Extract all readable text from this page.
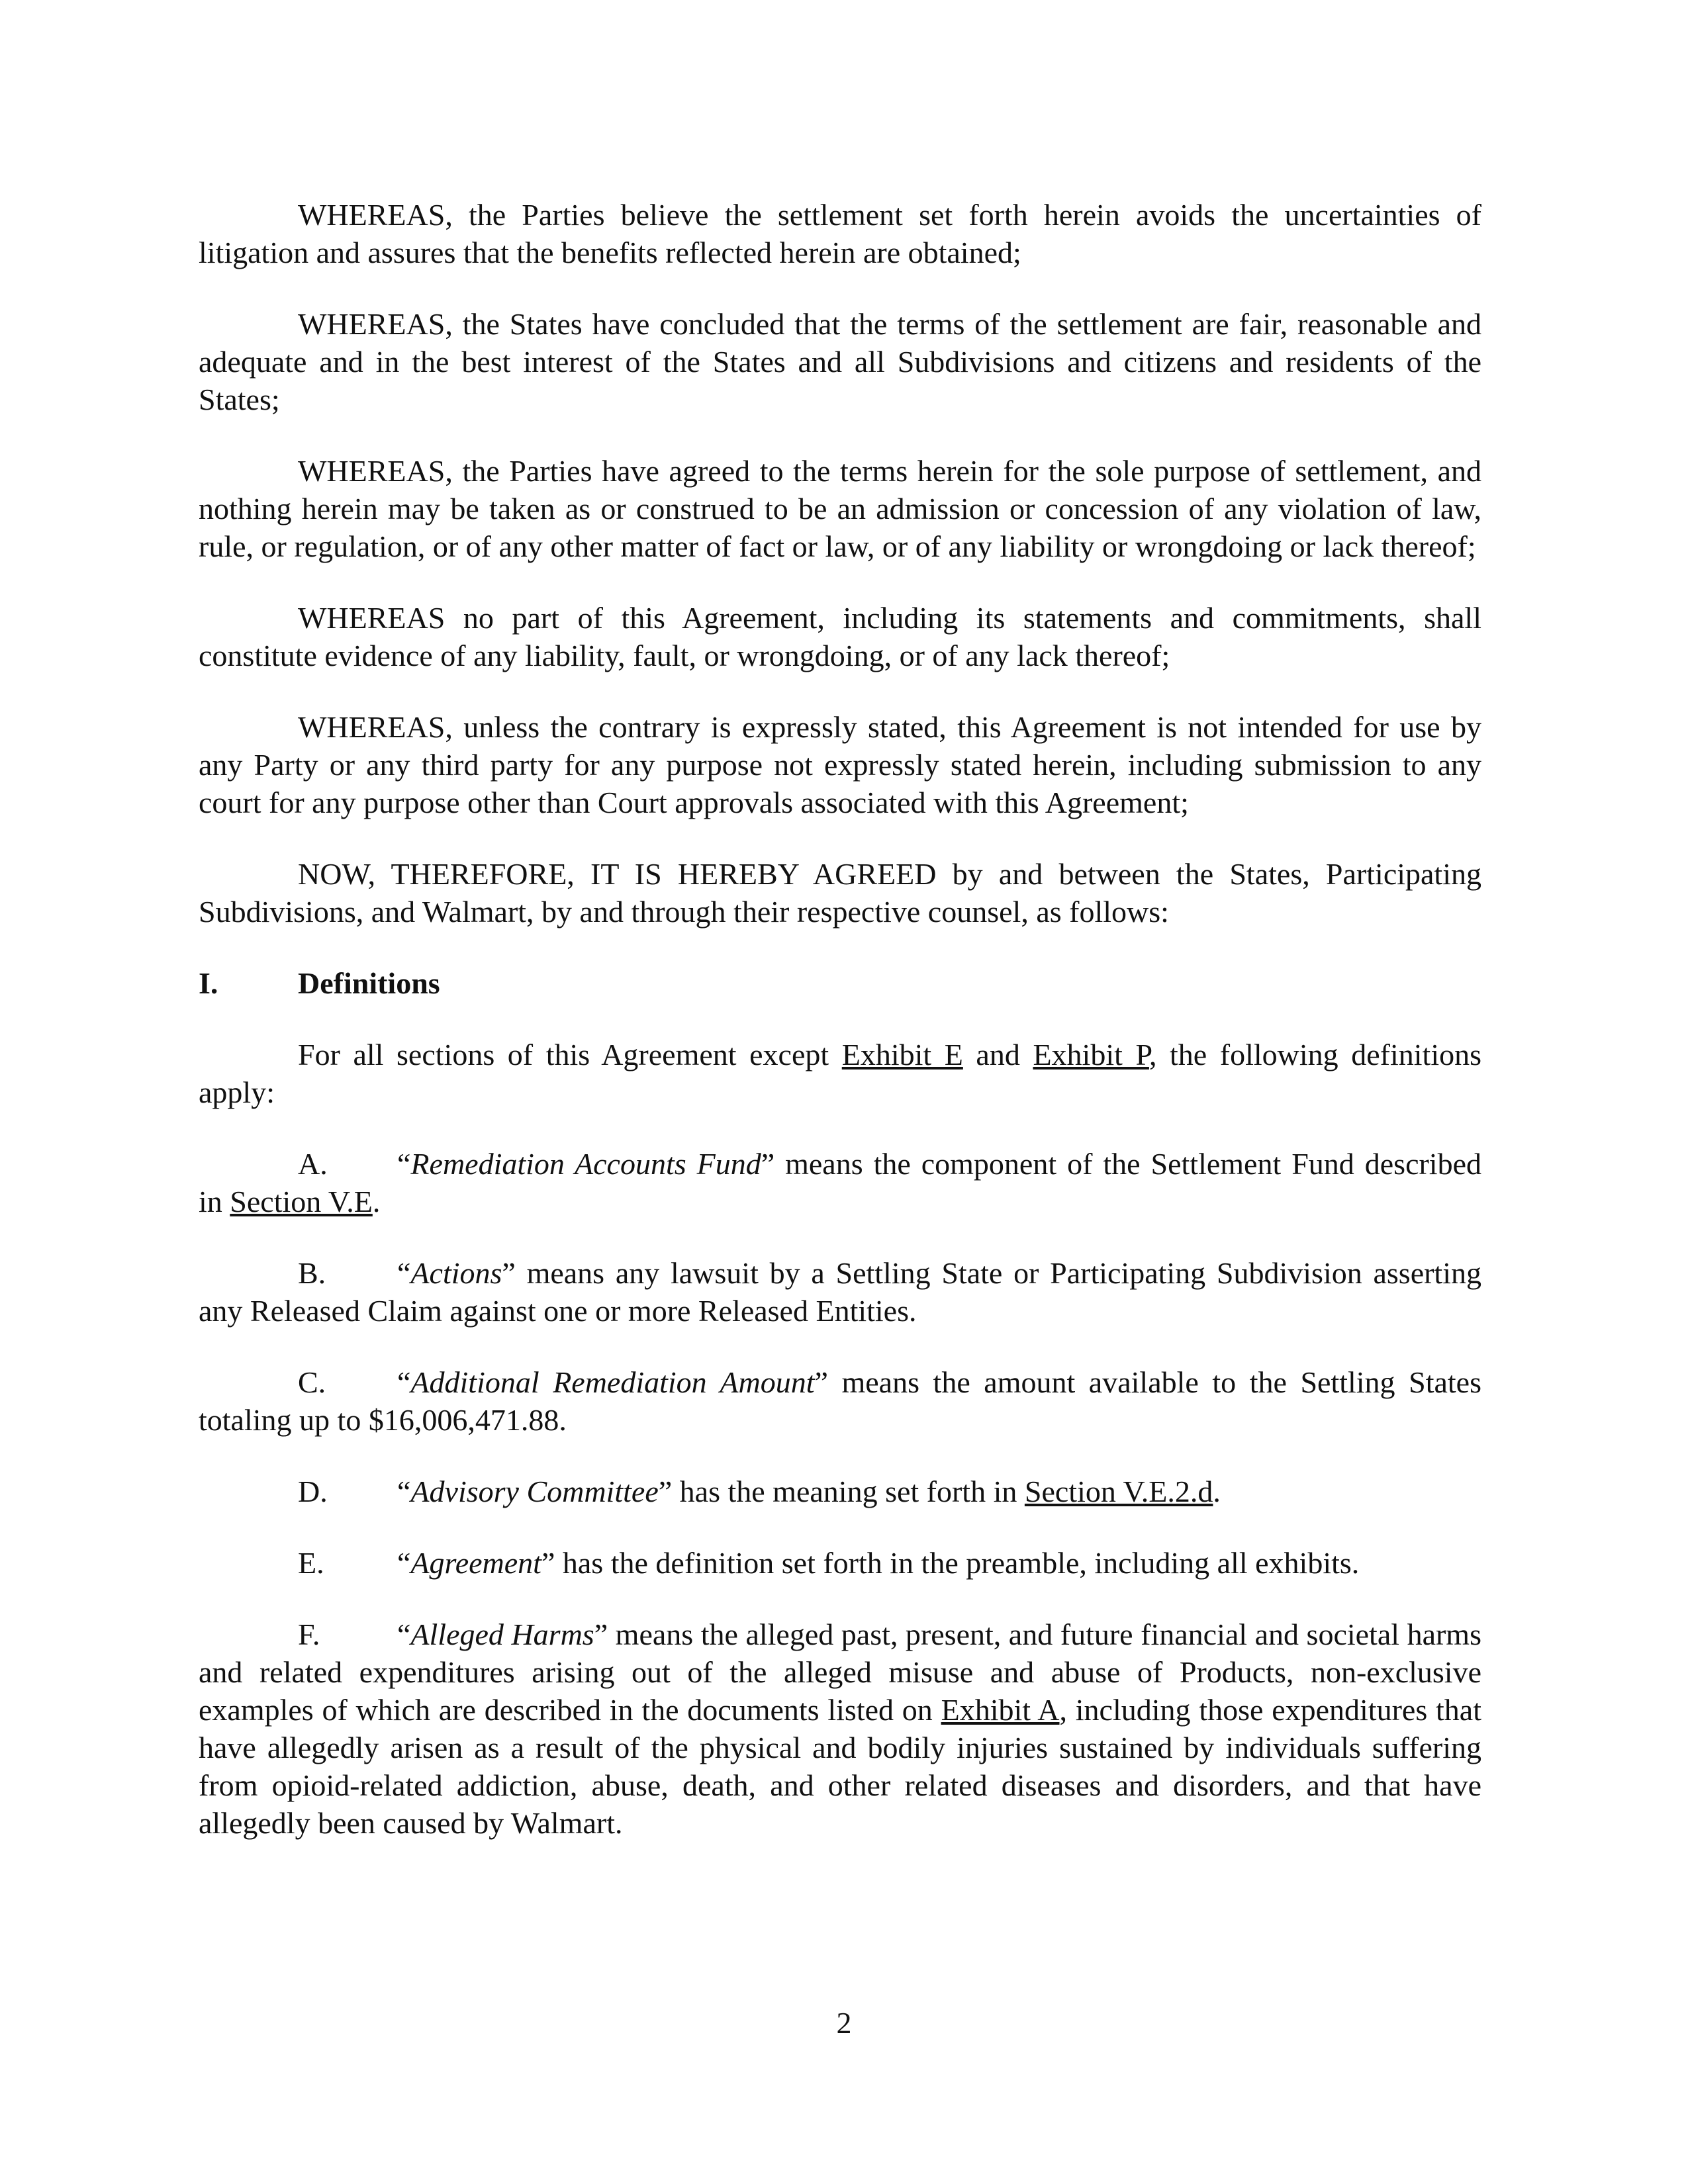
WHEREAS, the Parties believe the settlement set forth herein avoids the uncertainties of litigation and assures that the benefits reflected herein are obtained;

WHEREAS, the States have concluded that the terms of the settlement are fair, reasonable and adequate and in the best interest of the States and all Subdivisions and citizens and residents of the States;

WHEREAS, the Parties have agreed to the terms herein for the sole purpose of settlement, and nothing herein may be taken as or construed to be an admission or concession of any violation of law, rule, or regulation, or of any other matter of fact or law, or of any liability or wrongdoing or lack thereof;

WHEREAS no part of this Agreement, including its statements and commitments, shall constitute evidence of any liability, fault, or wrongdoing, or of any lack thereof;

WHEREAS, unless the contrary is expressly stated, this Agreement is not intended for use by any Party or any third party for any purpose not expressly stated herein, including submission to any court for any purpose other than Court approvals associated with this Agreement;

NOW, THEREFORE, IT IS HEREBY AGREED by and between the States, Participating Subdivisions, and Walmart, by and through their respective counsel, as follows:

I.	Definitions

For all sections of this Agreement except Exhibit E and Exhibit P, the following definitions apply:

A. “Remediation Accounts Fund” means the component of the Settlement Fund described in Section V.E.

B. “Actions” means any lawsuit by a Settling State or Participating Subdivision asserting any Released Claim against one or more Released Entities.

C. “Additional Remediation Amount” means the amount available to the Settling States totaling up to $16,006,471.88.

D. “Advisory Committee” has the meaning set forth in Section V.E.2.d.

E. “Agreement” has the definition set forth in the preamble, including all exhibits.

F.	“Alleged Harms” means the alleged past, present, and future financial and societal harms and related expenditures arising out of the alleged misuse and abuse of Products, non-exclusive examples of which are described in the documents listed on Exhibit A, including those expenditures that have allegedly arisen as a result of the physical and bodily injuries sustained by individuals suffering from opioid-related addiction, abuse, death, and other related diseases and disorders, and that have allegedly been caused by Walmart.

2
